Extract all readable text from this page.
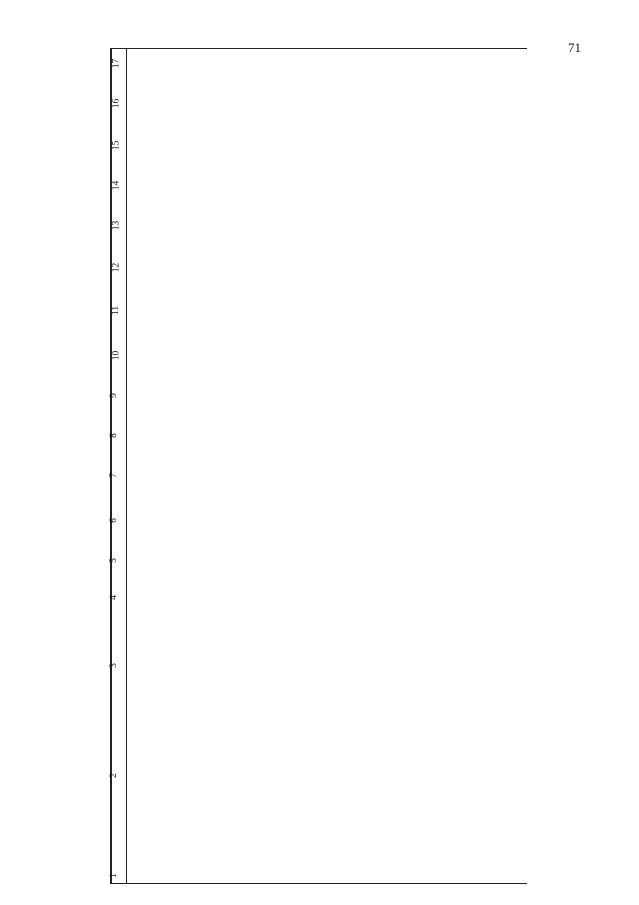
71
1
2
3
4
5
6
7
8
9
10
11
12
13
14
15
16
17
